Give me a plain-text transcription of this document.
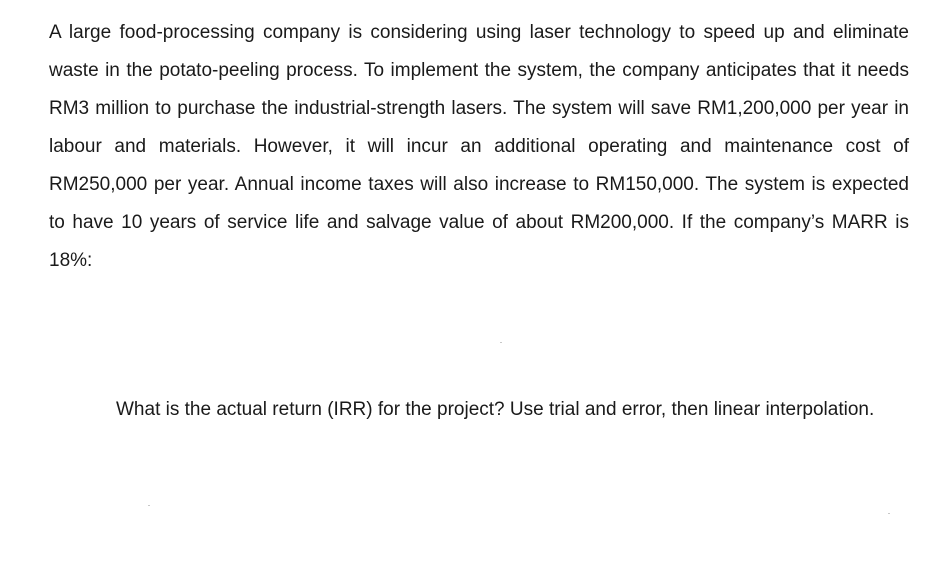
A large food-processing company is considering using laser technology to speed up and eliminate waste in the potato-peeling process. To implement the system, the company anticipates that it needs RM3 million to purchase the industrial-strength lasers. The system will save RM1,200,000 per year in labour and materials. However, it will incur an additional operating and maintenance cost of RM250,000 per year. Annual income taxes will also increase to RM150,000. The system is expected to have 10 years of service life and salvage value of about RM200,000. If the company’s MARR is 18%:

What is the actual return (IRR) for the project? Use trial and error, then linear interpolation.
